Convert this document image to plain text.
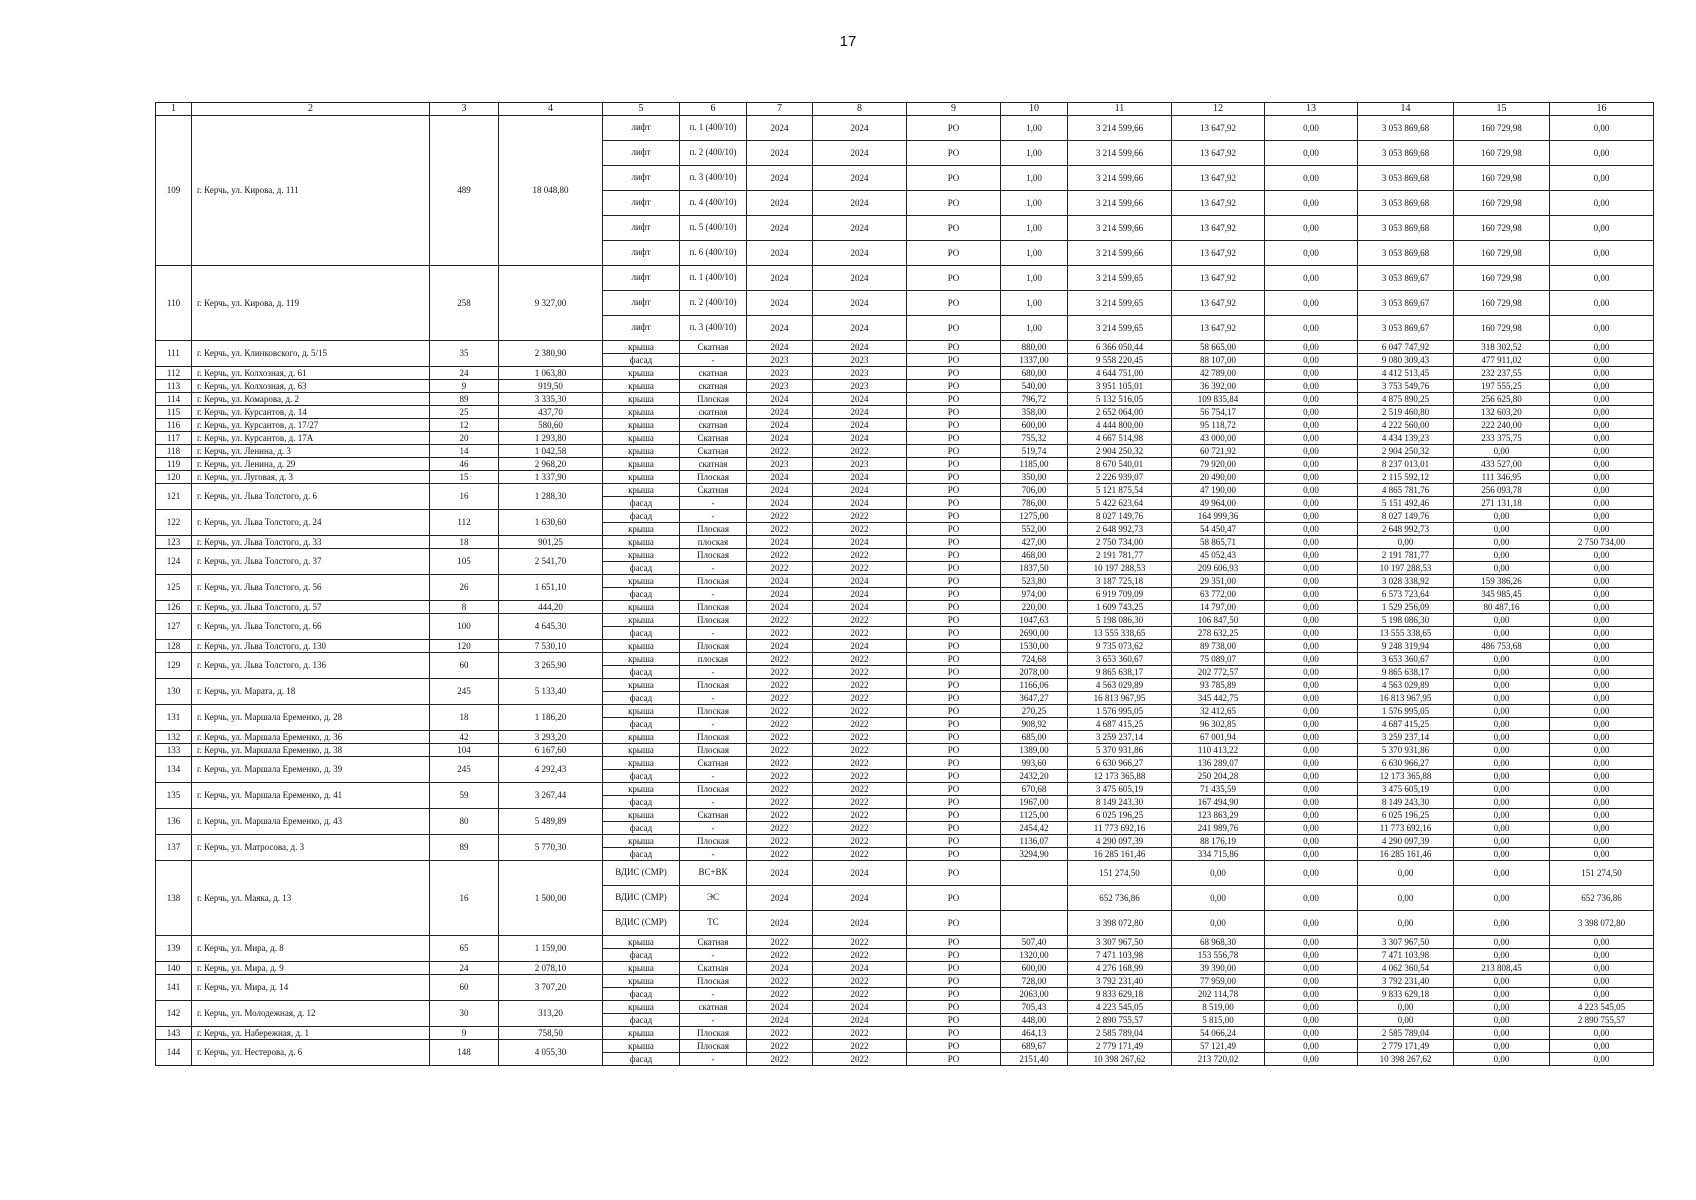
17
1	2	3	4	5	6	7	8	9	10	11	12	13	14	15	16
109	г. Керчь, ул. Кирова, д. 111	489	18 048,80	лифт	п. 1 (400/10)	2024	2024	РО	1,00	3 214 599,66	13 647,92	0,00	3 053 869,68	160 729,98	0,00
				лифт	п. 2 (400/10)	2024	2024	РО	1,00	3 214 599,66	13 647,92	0,00	3 053 869,68	160 729,98	0,00
				лифт	п. 3 (400/10)	2024	2024	РО	1,00	3 214 599,66	13 647,92	0,00	3 053 869,68	160 729,98	0,00
				лифт	п. 4 (400/10)	2024	2024	РО	1,00	3 214 599,66	13 647,92	0,00	3 053 869,68	160 729,98	0,00
				лифт	п. 5 (400/10)	2024	2024	РО	1,00	3 214 599,66	13 647,92	0,00	3 053 869,68	160 729,98	0,00
				лифт	п. 6 (400/10)	2024	2024	РО	1,00	3 214 599,66	13 647,92	0,00	3 053 869,68	160 729,98	0,00
110	г. Керчь, ул. Кирова, д. 119	258	9 327,00	лифт	п. 1 (400/10)	2024	2024	РО	1,00	3 214 599,65	13 647,92	0,00	3 053 869,67	160 729,98	0,00
				лифт	п. 2 (400/10)	2024	2024	РО	1,00	3 214 599,65	13 647,92	0,00	3 053 869,67	160 729,98	0,00
				лифт	п. 3 (400/10)	2024	2024	РО	1,00	3 214 599,65	13 647,92	0,00	3 053 869,67	160 729,98	0,00
111	г. Керчь, ул. Клинковского, д. 5/15	35	2 380,90	крыша	Скатная	2024	2024	РО	880,00	6 366 050,44	58 665,00	0,00	6 047 747,92	318 302,52	0,00
				фасад	-	2023	2023	РО	1337,00	9 558 220,45	88 107,00	0,00	9 080 309,43	477 911,02	0,00
112	г. Керчь, ул. Колхозная, д. 61	24	1 063,80	крыша	скатная	2023	2023	РО	680,00	4 644 751,00	42 789,00	0,00	4 412 513,45	232 237,55	0,00
113	г. Керчь, ул. Колхозная, д. 63	9	919,50	крыша	скатная	2023	2023	РО	540,00	3 951 105,01	36 392,00	0,00	3 753 549,76	197 555,25	0,00
114	г. Керчь, ул. Комарова, д. 2	89	3 335,30	крыша	Плоская	2024	2024	РО	796,72	5 132 516,05	109 835,84	0,00	4 875 890,25	256 625,80	0,00
115	г. Керчь, ул. Курсантов, д. 14	25	437,70	крыша	скатная	2024	2024	РО	358,00	2 652 064,00	56 754,17	0,00	2 519 460,80	132 603,20	0,00
116	г. Керчь, ул. Курсантов, д. 17/27	12	580,60	крыша	скатная	2024	2024	РО	600,00	4 444 800,00	95 118,72	0,00	4 222 560,00	222 240,00	0,00
117	г. Керчь, ул. Курсантов, д. 17А	20	1 293,80	крыша	Скатная	2024	2024	РО	755,32	4 667 514,98	43 000,00	0,00	4 434 139,23	233 375,75	0,00
118	г. Керчь, ул. Ленина, д. 3	14	1 042,58	крыша	Скатная	2022	2022	РО	519,74	2 904 250,32	60 721,92	0,00	2 904 250,32	0,00	0,00
119	г. Керчь, ул. Ленина, д. 29	46	2 968,20	крыша	скатная	2023	2023	РО	1185,00	8 670 540,01	79 920,00	0,00	8 237 013,01	433 527,00	0,00
120	г. Керчь, ул. Луговая, д. 3	15	1 337,90	крыша	Плоская	2024	2024	РО	350,00	2 226 939,07	20 490,00	0,00	2 115 592,12	111 346,95	0,00
121	г. Керчь, ул. Льва Толстого, д. 6	16	1 288,30	крыша	Скатная	2024	2024	РО	706,00	5 121 875,54	47 190,00	0,00	4 865 781,76	256 093,78	0,00
				фасад	-	2024	2024	РО	786,00	5 422 623,64	49 964,00	0,00	5 151 492,46	271 131,18	0,00
122	г. Керчь, ул. Льва Толстого, д. 24	112	1 630,60	фасад	-	2022	2022	РО	1275,00	8 027 149,76	164 999,36	0,00	8 027 149,76	0,00	0,00
				крыша	Плоская	2022	2022	РО	552,00	2 648 992,73	54 450,47	0,00	2 648 992,73	0,00	0,00
123	г. Керчь, ул. Льва Толстого, д. 33	18	901,25	крыша	плоская	2024	2024	РО	427,00	2 750 734,00	58 865,71	0,00	0,00	0,00	2 750 734,00
124	г. Керчь, ул. Льва Толстого, д. 37	105	2 541,70	крыша	Плоская	2022	2022	РО	468,00	2 191 781,77	45 052,43	0,00	2 191 781,77	0,00	0,00
				фасад	-	2022	2022	РО	1837,50	10 197 288,53	209 606,93	0,00	10 197 288,53	0,00	0,00
125	г. Керчь, ул. Льва Толстого, д. 56	26	1 651,10	крыша	Плоская	2024	2024	РО	523,80	3 187 725,18	29 351,00	0,00	3 028 338,92	159 386,26	0,00
				фасад	-	2024	2024	РО	974,00	6 919 709,09	63 772,00	0,00	6 573 723,64	345 985,45	0,00
126	г. Керчь, ул. Льва Толстого, д. 57	8	444,20	крыша	Плоская	2024	2024	РО	220,00	1 609 743,25	14 797,00	0,00	1 529 256,09	80 487,16	0,00
127	г. Керчь, ул. Льва Толстого, д. 66	100	4 645,30	крыша	Плоская	2022	2022	РО	1047,63	5 198 086,30	106 847,50	0,00	5 198 086,30	0,00	0,00
				фасад	-	2022	2022	РО	2690,00	13 555 338,65	278 632,25	0,00	13 555 338,65	0,00	0,00
128	г. Керчь, ул. Льва Толстого, д. 130	120	7 530,10	крыша	Плоская	2024	2024	РО	1530,00	9 735 073,62	89 738,00	0,00	9 248 319,94	486 753,68	0,00
129	г. Керчь, ул. Льва Толстого, д. 136	60	3 265,90	крыша	плоская	2022	2022	РО	724,68	3 653 360,67	75 089,07	0,00	3 653 360,67	0,00	0,00
				фасад	-	2022	2022	РО	2078,00	9 865 638,17	202 772,57	0,00	9 865 638,17	0,00	0,00
130	г. Керчь, ул. Марата, д. 18	245	5 133,40	крыша	Плоская	2022	2022	РО	1166,06	4 563 029,89	93 785,89	0,00	4 563 029,89	0,00	0,00
				фасад	-	2022	2022	РО	3647,27	16 813 967,95	345 442,75	0,00	16 813 967,95	0,00	0,00
131	г. Керчь, ул. Маршала Еременко, д. 28	18	1 186,20	крыша	Плоская	2022	2022	РО	270,25	1 576 995,05	32 412,65	0,00	1 576 995,05	0,00	0,00
				фасад	-	2022	2022	РО	908,92	4 687 415,25	96 302,85	0,00	4 687 415,25	0,00	0,00
132	г. Керчь, ул. Маршала Еременко, д. 36	42	3 293,20	крыша	Плоская	2022	2022	РО	685,00	3 259 237,14	67 001,94	0,00	3 259 237,14	0,00	0,00
133	г. Керчь, ул. Маршала Еременко, д. 38	104	6 167,60	крыша	Плоская	2022	2022	РО	1389,00	5 370 931,86	110 413,22	0,00	5 370 931,86	0,00	0,00
134	г. Керчь, ул. Маршала Еременко, д. 39	245	4 292,43	крыша	Скатная	2022	2022	РО	993,60	6 630 966,27	136 289,07	0,00	6 630 966,27	0,00	0,00
				фасад	-	2022	2022	РО	2432,20	12 173 365,88	250 204,28	0,00	12 173 365,88	0,00	0,00
135	г. Керчь, ул. Маршала Еременко, д. 41	59	3 267,44	крыша	Плоская	2022	2022	РО	670,68	3 475 605,19	71 435,59	0,00	3 475 605,19	0,00	0,00
				фасад	-	2022	2022	РО	1967,00	8 149 243,30	167 494,90	0,00	8 149 243,30	0,00	0,00
136	г. Керчь, ул. Маршала Еременко, д. 43	80	5 489,89	крыша	Скатная	2022	2022	РО	1125,00	6 025 196,25	123 863,29	0,00	6 025 196,25	0,00	0,00
				фасад	-	2022	2022	РО	2454,42	11 773 692,16	241 989,76	0,00	11 773 692,16	0,00	0,00
137	г. Керчь, ул. Матросова, д. 3	89	5 770,30	крыша	Плоская	2022	2022	РО	1136,07	4 290 097,39	88 176,19	0,00	4 290 097,39	0,00	0,00
				фасад	-	2022	2022	РО	3294,90	16 285 161,46	334 715,86	0,00	16 285 161,46	0,00	0,00
138	г. Керчь, ул. Маяка, д. 13	16	1 500,00	ВДИС (СМР)	ВС+ВК	2024	2024	РО		151 274,50	0,00	0,00	0,00	0,00	151 274,50
				ВДИС (СМР)	ЭС	2024	2024	РО		652 736,86	0,00	0,00	0,00	0,00	652 736,86
				ВДИС (СМР)	ТС	2024	2024	РО		3 398 072,80	0,00	0,00	0,00	0,00	3 398 072,80
139	г. Керчь, ул. Мира, д. 8	65	1 159,00	крыша	Скатная	2022	2022	РО	507,40	3 307 967,50	68 968,30	0,00	3 307 967,50	0,00	0,00
				фасад	-	2022	2022	РО	1320,00	7 471 103,98	153 556,78	0,00	7 471 103,98	0,00	0,00
140	г. Керчь, ул. Мира, д. 9	24	2 078,10	крыша	Скатная	2024	2024	РО	600,00	4 276 168,99	39 390,00	0,00	4 062 360,54	213 808,45	0,00
141	г. Керчь, ул. Мира, д. 14	60	3 707,20	крыша	Плоская	2022	2022	РО	728,00	3 792 231,40	77 959,00	0,00	3 792 231,40	0,00	0,00
				фасад	-	2022	2022	РО	2063,00	9 833 629,18	202 114,78	0,00	9 833 629,18	0,00	0,00
142	г. Керчь, ул. Молодежная, д. 12	30	313,20	крыша	скатная	2024	2024	РО	705,43	4 223 545,05	8 519,00	0,00	0,00	0,00	4 223 545,05
				фасад	-	2024	2024	РО	448,00	2 890 755,57	5 815,00	0,00	0,00	0,00	2 890 755,57
143	г. Керчь, ул. Набережная, д. 1	9	758,50	крыша	Плоская	2022	2022	РО	464,13	2 585 789,04	54 066,24	0,00	2 585 789,04	0,00	0,00
144	г. Керчь, ул. Нестерова, д. 6	148	4 055,30	крыша	Плоская	2022	2022	РО	689,67	2 779 171,49	57 121,49	0,00	2 779 171,49	0,00	0,00
				фасад	-	2022	2022	РО	2151,40	10 398 267,62	213 720,02	0,00	10 398 267,62	0,00	0,00
